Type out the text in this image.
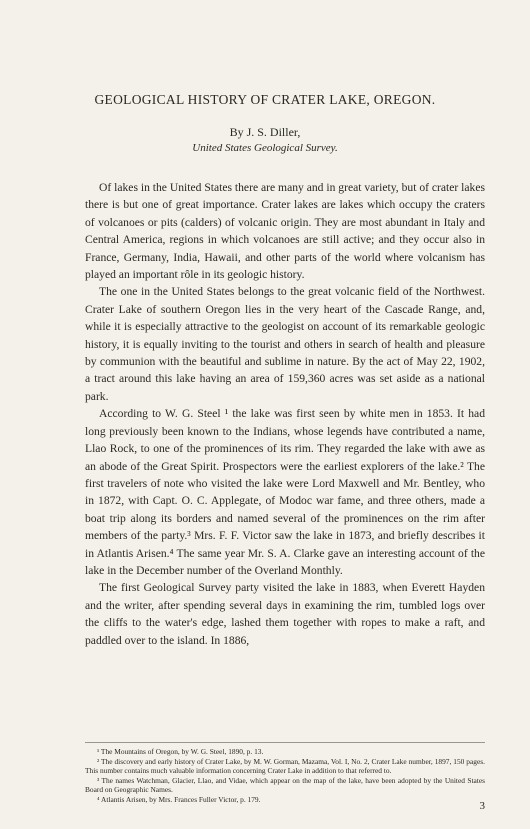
GEOLOGICAL HISTORY OF CRATER LAKE, OREGON.
By J. S. Diller,
United States Geological Survey.

Of lakes in the United States there are many and in great variety, but of crater lakes there is but one of great importance. Crater lakes are lakes which occupy the craters of volcanoes or pits (calders) of volcanic origin. They are most abundant in Italy and Central America, regions in which volcanoes are still active; and they occur also in France, Germany, India, Hawaii, and other parts of the world where volcanism has played an important rôle in its geologic history.

The one in the United States belongs to the great volcanic field of the Northwest. Crater Lake of southern Oregon lies in the very heart of the Cascade Range, and, while it is especially attractive to the geologist on account of its remarkable geologic history, it is equally inviting to the tourist and others in search of health and pleasure by communion with the beautiful and sublime in nature. By the act of May 22, 1902, a tract around this lake having an area of 159,360 acres was set aside as a national park.

According to W. G. Steel ¹ the lake was first seen by white men in 1853. It had long previously been known to the Indians, whose legends have contributed a name, Llao Rock, to one of the prominences of its rim. They regarded the lake with awe as an abode of the Great Spirit. Prospectors were the earliest explorers of the lake.² The first travelers of note who visited the lake were Lord Maxwell and Mr. Bentley, who in 1872, with Capt. O. C. Applegate, of Modoc war fame, and three others, made a boat trip along its borders and named several of the prominences on the rim after members of the party.³ Mrs. F. F. Victor saw the lake in 1873, and briefly describes it in Atlantis Arisen.⁴ The same year Mr. S. A. Clarke gave an interesting account of the lake in the December number of the Overland Monthly.

The first Geological Survey party visited the lake in 1883, when Everett Hayden and the writer, after spending several days in examining the rim, tumbled logs over the cliffs to the water's edge, lashed them together with ropes to make a raft, and paddled over to the island. In 1886,

¹ The Mountains of Oregon, by W. G. Steel, 1890, p. 13.
² The discovery and early history of Crater Lake, by M. W. Gorman, Mazama, Vol. I, No. 2, Crater Lake number, 1897, 150 pages. This number contains much valuable information concerning Crater Lake in addition to that referred to.
³ The names Watchman, Glacier, Llao, and Vidae, which appear on the map of the lake, have been adopted by the United States Board on Geographic Names.
⁴ Atlantis Arisen, by Mrs. Frances Fuller Victor, p. 179.
3
